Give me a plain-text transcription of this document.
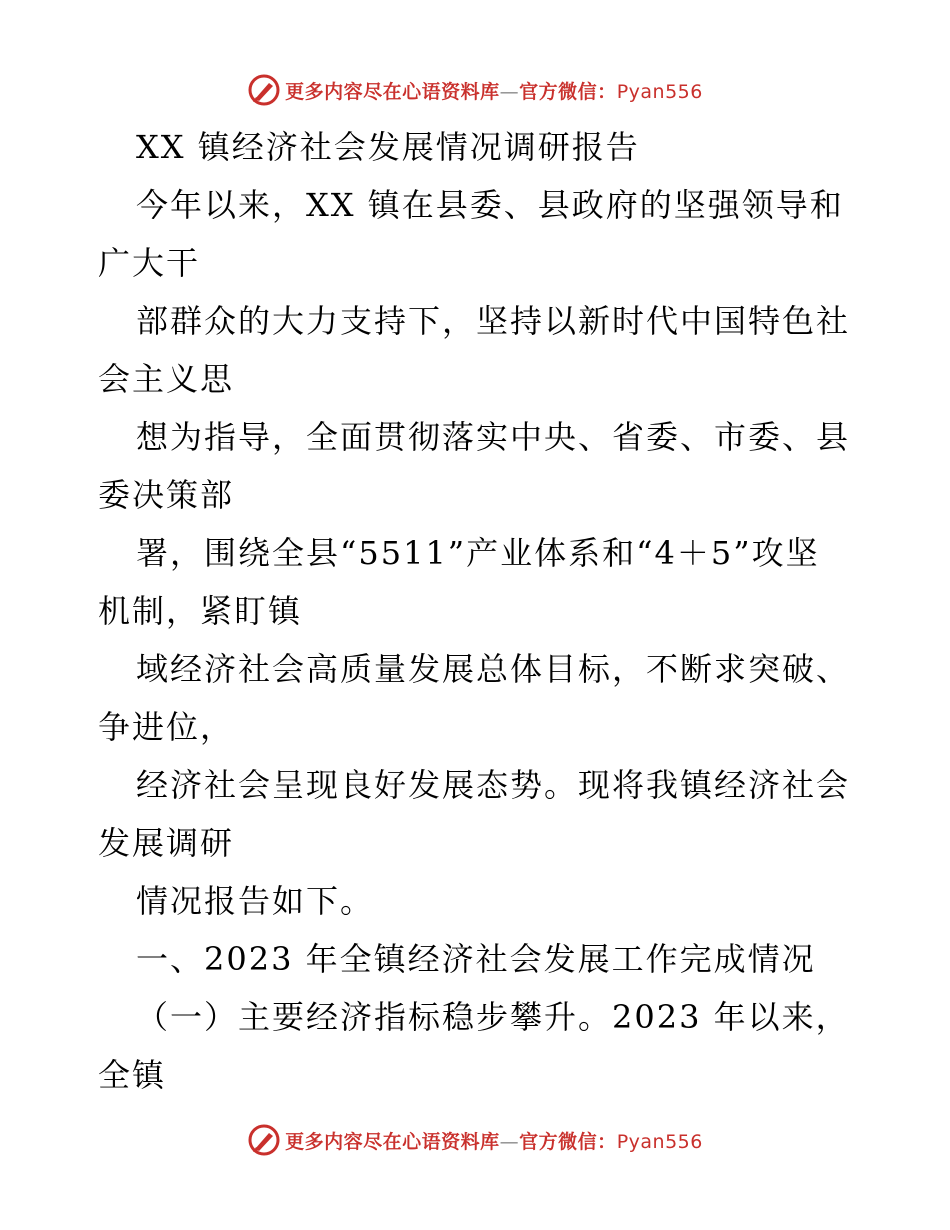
更多内容尽在心语资料库—官方微信：Pyan556
XX 镇经济社会发展情况调研报告
今年以来，XX 镇在县委、县政府的坚强领导和
广大干
部群众的大力支持下，坚持以新时代中国特色社
会主义思
想为指导，全面贯彻落实中央、省委、市委、县
委决策部
署，围绕全县“5511”产业体系和“4＋5”攻坚
机制，紧盯镇
域经济社会高质量发展总体目标，不断求突破、
争进位，
经济社会呈现良好发展态势。现将我镇经济社会
发展调研
情况报告如下。
一、2023 年全镇经济社会发展工作完成情况
（一）主要经济指标稳步攀升。2023 年以来，
全镇
更多内容尽在心语资料库—官方微信：Pyan556
